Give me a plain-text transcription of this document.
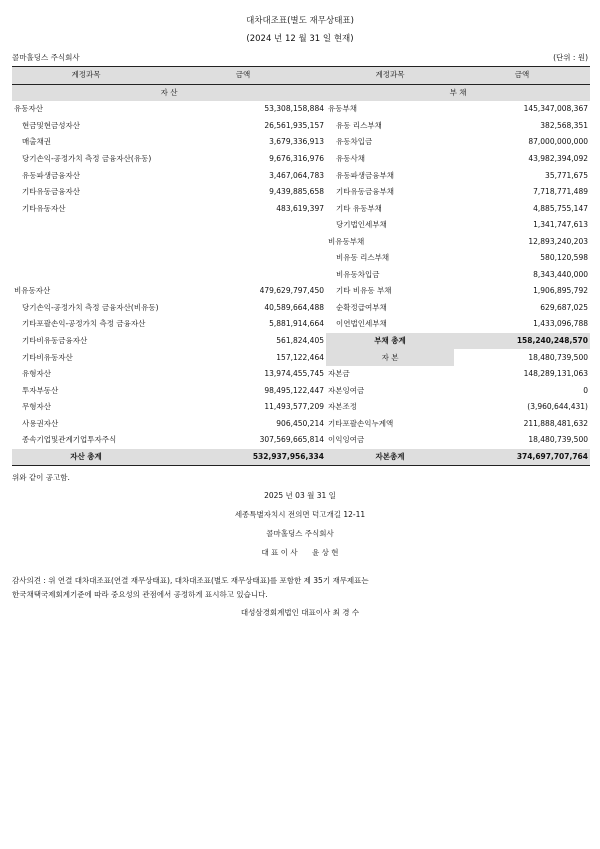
대차대조표(별도 재무상태표)
(2024 년 12 월 31 일 현재)
콜마홀딩스 주식회사	(단위 : 원)
계정과목	금액	계정과목	금액
자 산		부 채	
유동자산	53,308,158,884	유동부채	145,347,008,367
현금및현금성자산	26,561,935,157	유동 리스부채	382,568,351
매출채권	3,679,336,913	유동차입금	87,000,000,000
당기손익-공정가치 측정 금융자산(유동)	9,676,316,976	유동사채	43,982,394,092
유동파생금융자산	3,467,064,783	유동파생금융부채	35,771,675
기타유동금융자산	9,439,885,658	기타유동금융부채	7,718,771,489
기타유동자산	483,619,397	기타 유동부채	4,885,755,147
		당기법인세부채	1,341,747,613
		비유동부채	12,893,240,203
		비유동 리스부채	580,120,598
		비유동차입금	8,343,440,000
비유동자산	479,629,797,450	기타 비유동 부채	1,906,895,792
당기손익-공정가치 측정 금융자산(비유동)	40,589,664,488	순확정급여부채	629,687,025
기타포괄손익-공정가치 측정 금융자산	5,881,914,664	이연법인세부채	1,433,096,788
기타비유동금융자산	561,824,405	부채 총계	158,240,248,570
기타비유동자산	157,122,464	자 본	18,480,739,500
유형자산	13,974,455,745	자본금	148,289,131,063
투자부동산	98,495,122,447	자본잉여금	0
무형자산	11,493,577,209	자본조정	(3,960,644,431)
사용권자산	906,450,214	기타포괄손익누계액	211,888,481,632
종속기업및관계기업투자주식	307,569,665,814	이익잉여금	18,480,739,500
자산 총계	532,937,956,334	자본총계	374,697,707,764
위와 같이 공고함.
2025 년 03 월 31 일
세종특별자치시 전의면 덕고개길 12-11
콜마홀딩스 주식회사
대 표 이 사      윤 상 현
감사의견 : 위 연결 대차대조표(연결 재무상태표), 대차대조표(별도 재무상태표)를 포함한 제 35기 재무제표는
한국채택국제회계기준에 따라 중요성의 관점에서 공정하게 표시하고 있습니다.
대성삼경회계법인 대표이사 최 경 수
